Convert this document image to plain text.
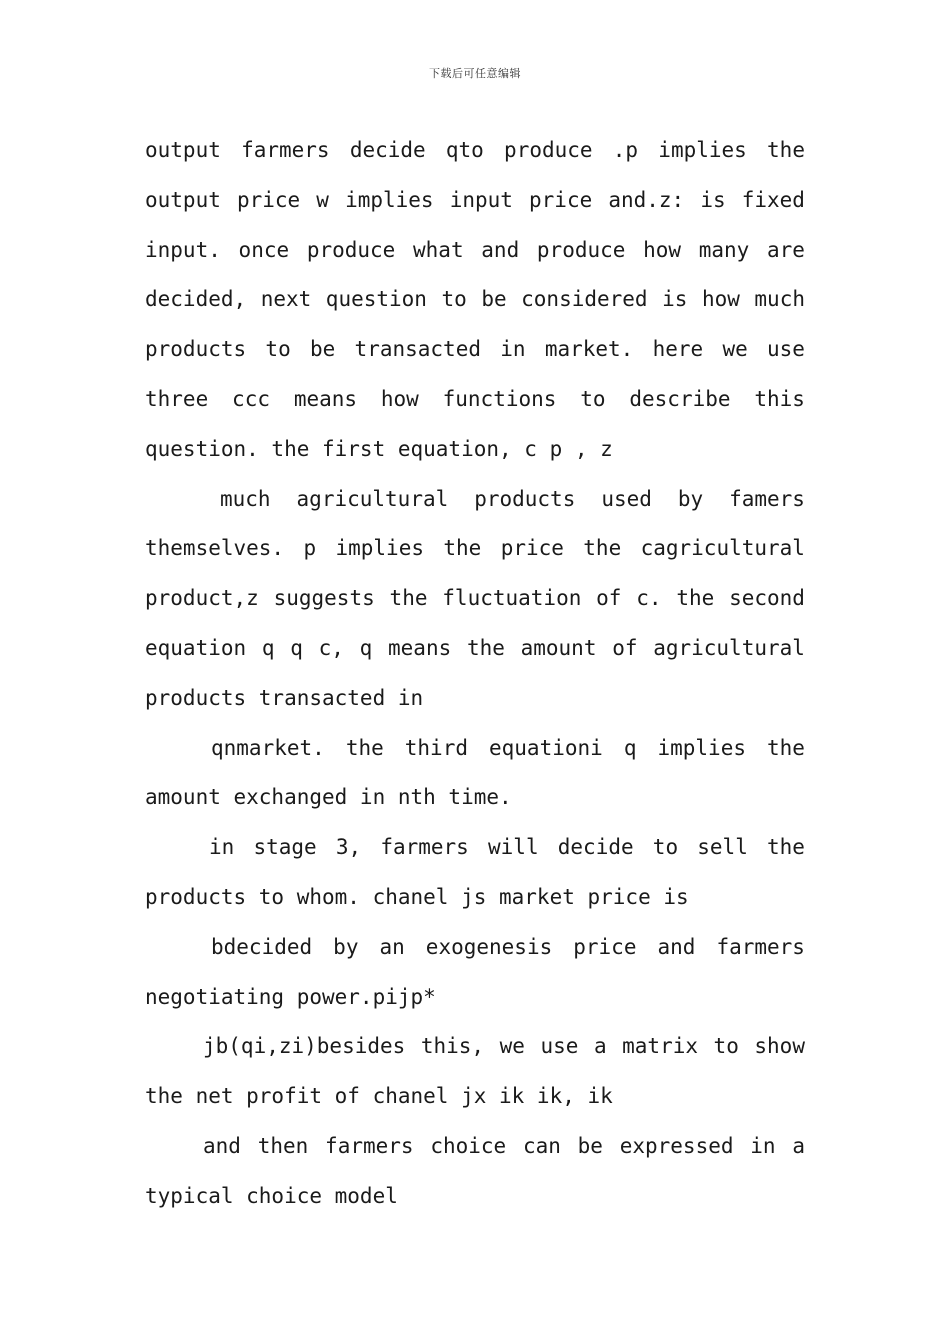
下载后可任意编辑
output farmers decide qto produce .p implies the
output price w implies input price and.z: is fixed
input. once produce what and produce how many are
decided, next question to be considered is how much
products to be transacted in market. here we use
three ccc means how functions to describe this
question. the first equation, c p , z
much agricultural products used by famers
themselves. p implies the price the cagricultural
product,z suggests the fluctuation of c. the second
equation q q c, q means the amount of agricultural
products transacted in
qnmarket. the third equationi q implies the
amount exchanged in nth time.
in stage 3, farmers will decide to sell the
products to whom. chanel js market price is
bdecided by an exogenesis price and farmers
negotiating power.pijp*
jb(qi,zi)besides this, we use a matrix to show
the net profit of chanel jx ik ik, ik
and then farmers choice can be expressed in a
typical choice model
